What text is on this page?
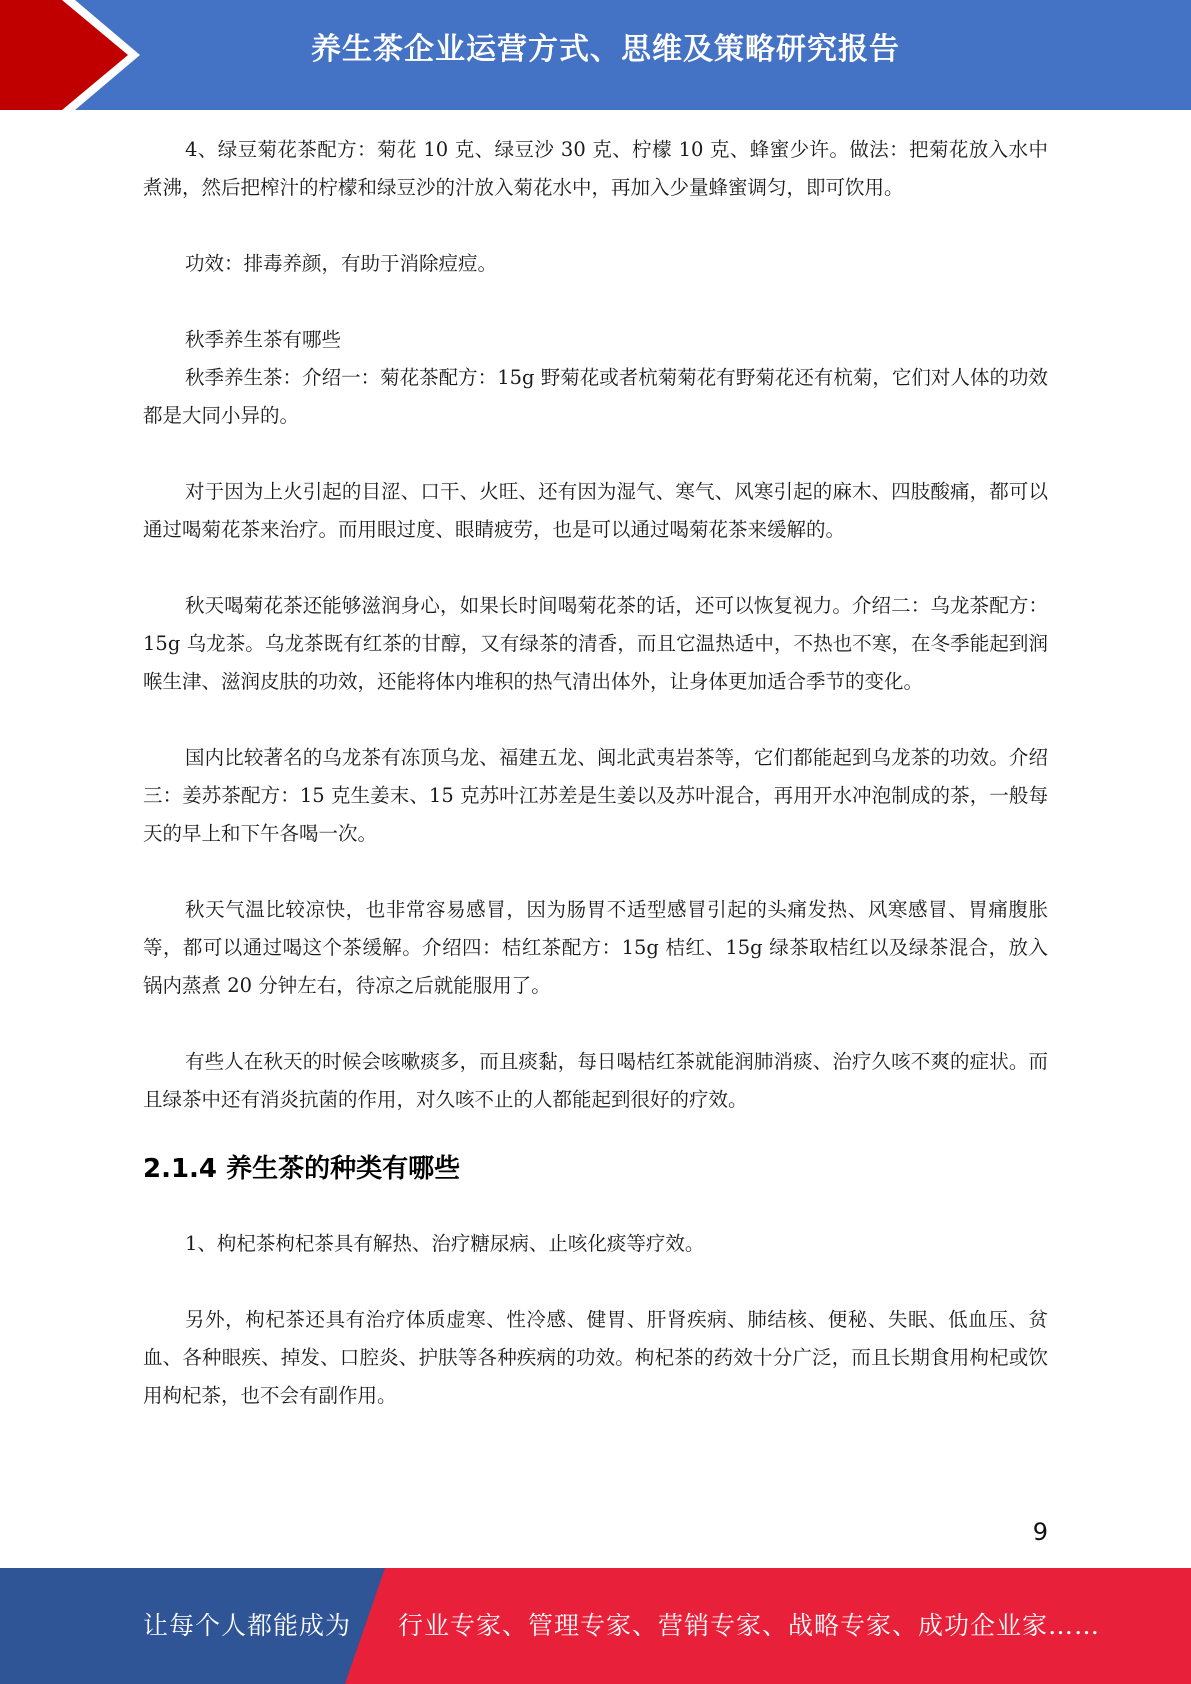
养生茶企业运营方式、思维及策略研究报告

4、绿豆菊花茶配方：菊花 10 克、绿豆沙 30 克、柠檬 10 克、蜂蜜少许。做法：把菊花放入水中煮沸，然后把榨汁的柠檬和绿豆沙的汁放入菊花水中，再加入少量蜂蜜调匀，即可饮用。

功效：排毒养颜，有助于消除痘痘。

秋季养生茶有哪些

秋季养生茶：介绍一：菊花茶配方：15g 野菊花或者杭菊菊花有野菊花还有杭菊，它们对人体的功效都是大同小异的。

对于因为上火引起的目涩、口干、火旺、还有因为湿气、寒气、风寒引起的麻木、四肢酸痛，都可以通过喝菊花茶来治疗。而用眼过度、眼睛疲劳，也是可以通过喝菊花茶来缓解的。

秋天喝菊花茶还能够滋润身心，如果长时间喝菊花茶的话，还可以恢复视力。介绍二：乌龙茶配方：15g 乌龙茶。乌龙茶既有红茶的甘醇，又有绿茶的清香，而且它温热适中，不热也不寒，在冬季能起到润喉生津、滋润皮肤的功效，还能将体内堆积的热气清出体外，让身体更加适合季节的变化。

国内比较著名的乌龙茶有冻顶乌龙、福建五龙、闽北武夷岩茶等，它们都能起到乌龙茶的功效。介绍三：姜苏茶配方：15 克生姜末、15 克苏叶江苏差是生姜以及苏叶混合，再用开水冲泡制成的茶，一般每天的早上和下午各喝一次。

秋天气温比较凉快，也非常容易感冒，因为肠胃不适型感冒引起的头痛发热、风寒感冒、胃痛腹胀等，都可以通过喝这个茶缓解。介绍四：桔红茶配方：15g 桔红、15g 绿茶取桔红以及绿茶混合，放入锅内蒸煮 20 分钟左右，待凉之后就能服用了。

有些人在秋天的时候会咳嗽痰多，而且痰黏，每日喝桔红茶就能润肺消痰、治疗久咳不爽的症状。而且绿茶中还有消炎抗菌的作用，对久咳不止的人都能起到很好的疗效。

2.1.4 养生茶的种类有哪些

1、枸杞茶枸杞茶具有解热、治疗糖尿病、止咳化痰等疗效。

另外，枸杞茶还具有治疗体质虚寒、性冷感、健胃、肝肾疾病、肺结核、便秘、失眠、低血压、贫血、各种眼疾、掉发、口腔炎、护肤等各种疾病的功效。枸杞茶的药效十分广泛，而且长期食用枸杞或饮用枸杞茶，也不会有副作用。

9
让每个人都能成为 行业专家、管理专家、营销专家、战略专家、成功企业家……
